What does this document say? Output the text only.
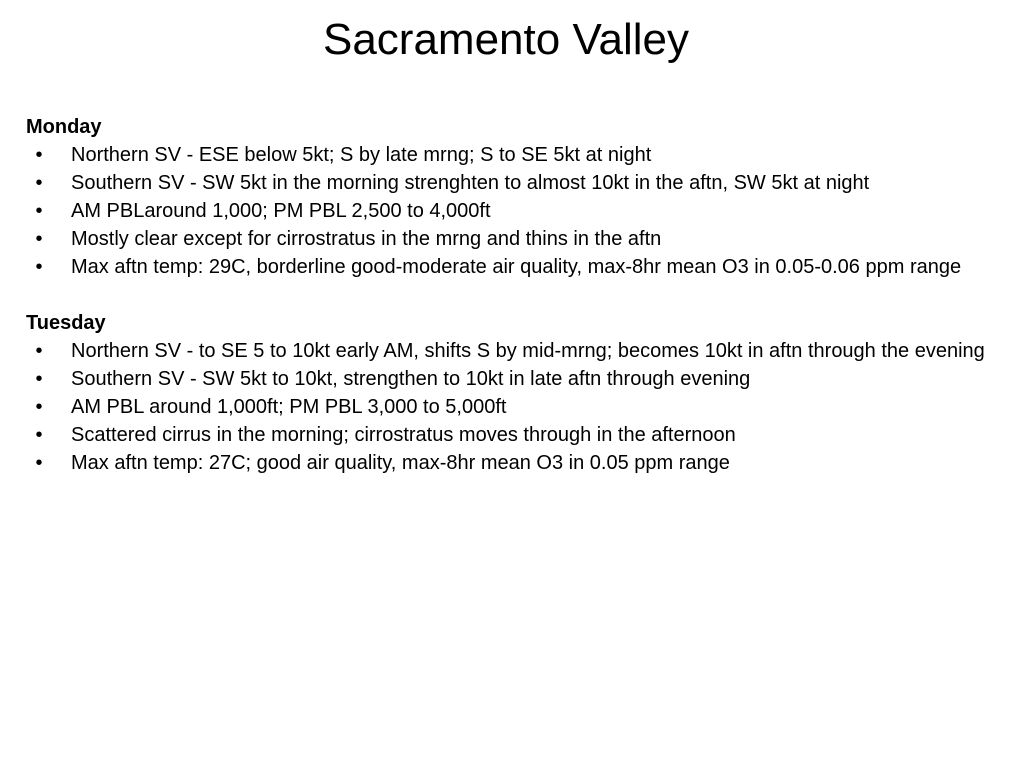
Sacramento Valley
Monday
• Northern SV - ESE below 5kt; S by late mrng; S to SE 5kt at night
• Southern SV - SW 5kt in the morning strenghten to almost 10kt in the aftn, SW 5kt at night
• AM PBLaround 1,000; PM PBL 2,500 to 4,000ft
• Mostly clear except for cirrostratus in the mrng and thins in the aftn
• Max aftn temp: 29C, borderline good-moderate air quality, max-8hr mean O3 in 0.05-0.06 ppm range
Tuesday
• Northern SV - to SE 5 to 10kt early AM, shifts S by mid-mrng; becomes 10kt in aftn through the evening
• Southern SV - SW 5kt to 10kt, strengthen to 10kt in late aftn through evening
• AM PBL around 1,000ft; PM PBL 3,000 to 5,000ft
• Scattered cirrus in the morning; cirrostratus moves through in the afternoon
• Max aftn temp: 27C; good air quality, max-8hr mean O3 in 0.05 ppm range
